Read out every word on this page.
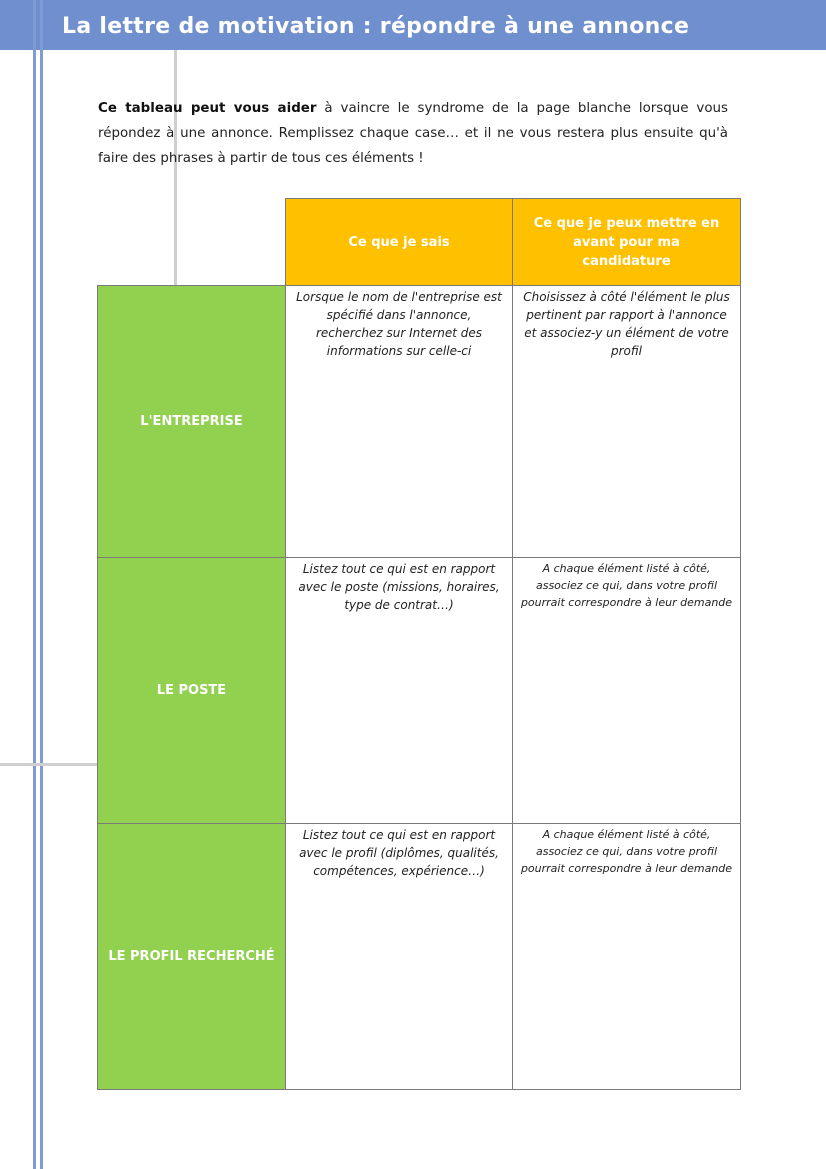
La lettre de motivation : répondre à une annonce

Ce tableau peut vous aider à vaincre le syndrome de la page blanche lorsque vous répondez à une annonce. Remplissez chaque case… et il ne vous restera plus ensuite qu'à faire des phrases à partir de tous ces éléments !

Ce que je sais
Ce que je peux mettre en avant pour ma candidature
L'ENTREPRISE
Lorsque le nom de l'entreprise est spécifié dans l'annonce, recherchez sur Internet des informations sur celle-ci
Choisissez à côté l'élément le plus pertinent par rapport à l'annonce et associez-y un élément de votre profil
LE POSTE
Listez tout ce qui est en rapport avec le poste (missions, horaires, type de contrat…)
A chaque élément listé à côté, associez ce qui, dans votre profil pourrait correspondre à leur demande
LE PROFIL RECHERCHÉ
Listez tout ce qui est en rapport avec le profil (diplômes, qualités, compétences, expérience…)
A chaque élément listé à côté, associez ce qui, dans votre profil pourrait correspondre à leur demande
